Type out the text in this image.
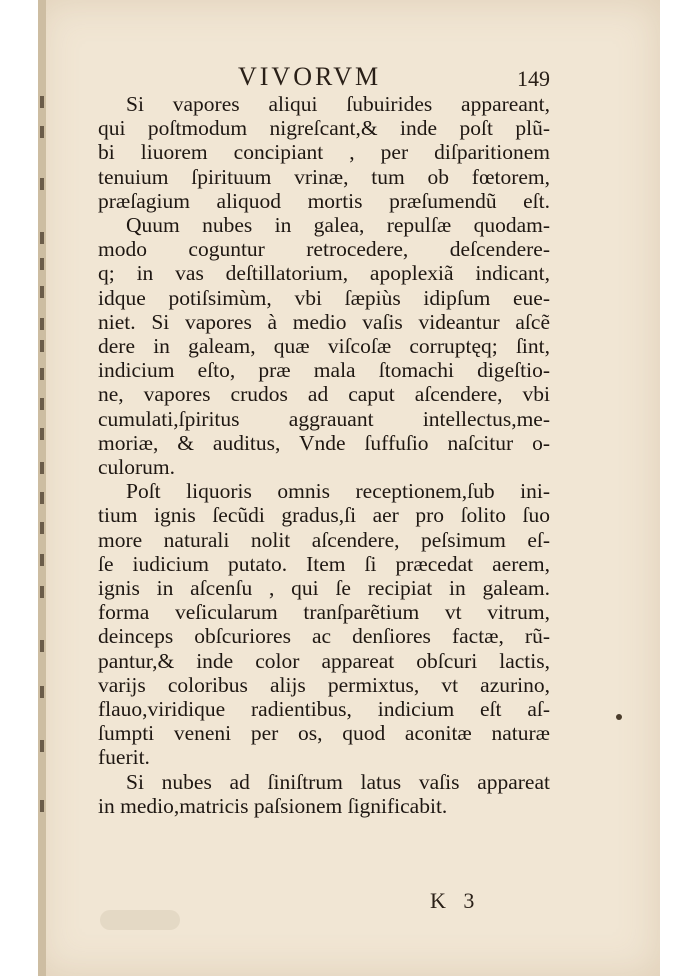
VIVORVM	149
Si vapores aliqui ſubuirides appareant,
qui poſtmodum nigreſcant,& inde poſt plũ-
bi liuorem concipiant , per diſparitionem
tenuium ſpirituum vrinæ, tum ob fœtorem,
præſagium aliquod mortis præſumendũ eſt.
Quum nubes in galea, repulſæ quodam-
modo coguntur retrocedere, deſcendere-
q; in vas deſtillatorium, apoplexiã indicant,
idque potiſsimùm, vbi ſæpiùs idipſum eue-
niet. Si vapores à medio vaſis videantur aſcẽ
dere in galeam, quæ viſcoſæ corruptęq; ſint,
indicium eſto, præ mala ſtomachi digeſtio-
ne, vapores crudos ad caput aſcendere, vbi
cumulati,ſpiritus aggrauant intellectus,me-
moriæ, & auditus, Vnde ſuffuſio naſcitur o-
culorum.
Poſt liquoris omnis receptionem,ſub ini-
tium ignis ſecũdi gradus,ſi aer pro ſolito ſuo
more naturali nolit aſcendere, peſsimum eſ-
ſe iudicium putato. Item ſi præcedat aerem,
ignis in aſcenſu , qui ſe recipiat in galeam.
forma veſicularum tranſparẽtium vt vitrum,
deinceps obſcuriores ac denſiores factæ, rũ-
pantur,& inde color appareat obſcuri lactis,
varijs coloribus alijs permixtus, vt azurino,
flauo,viridique radientibus, indicium eſt aſ-
ſumpti veneni per os, quod aconitæ naturæ
fuerit.
Si nubes ad ſiniſtrum latus vaſis appareat
in medio,matricis paſsionem ſignificabit.
K 3
